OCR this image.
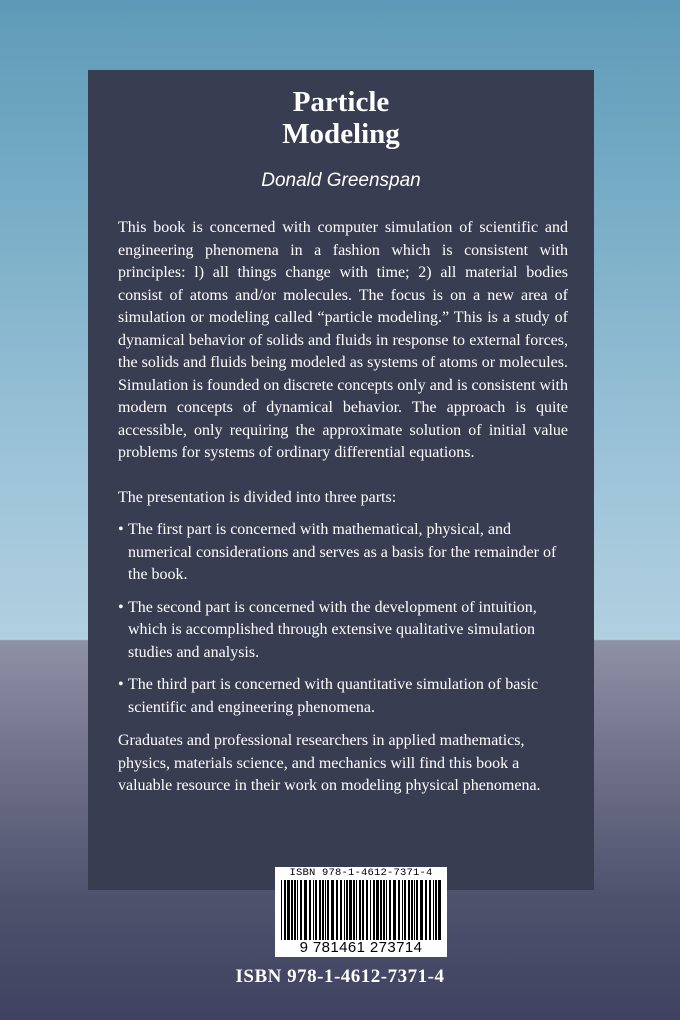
Particle
Modeling
Donald Greenspan

This book is concerned with computer simulation of scientific and engineering phenomena in a fashion which is consistent with principles: l) all things change with time; 2) all material bodies consist of atoms and/or molecules. The focus is on a new area of simulation or modeling called “particle modeling.” This is a study of dynamical behavior of solids and fluids in response to external forces, the solids and fluids being modeled as systems of atoms or molecules. Simulation is founded on discrete concepts only and is consistent with modern concepts of dynamical behavior. The approach is quite accessible, only requiring the approximate solution of initial value problems for systems of ordinary differential equations.

The presentation is divided into three parts:

• The first part is concerned with mathematical, physical, and numerical considerations and serves as a basis for the remainder of the book.

• The second part is concerned with the development of intuition, which is accomplished through extensive qualitative simulation studies and analysis.

• The third part is concerned with quantitative simulation of basic scientific and engineering phenomena.

Graduates and professional researchers in applied mathematics, physics, materials science, and mechanics will find this book a valuable resource in their work on modeling physical phenomena.

ISBN 978-1-4612-7371-4
9 781461 273714
ISBN 978-1-4612-7371-4
